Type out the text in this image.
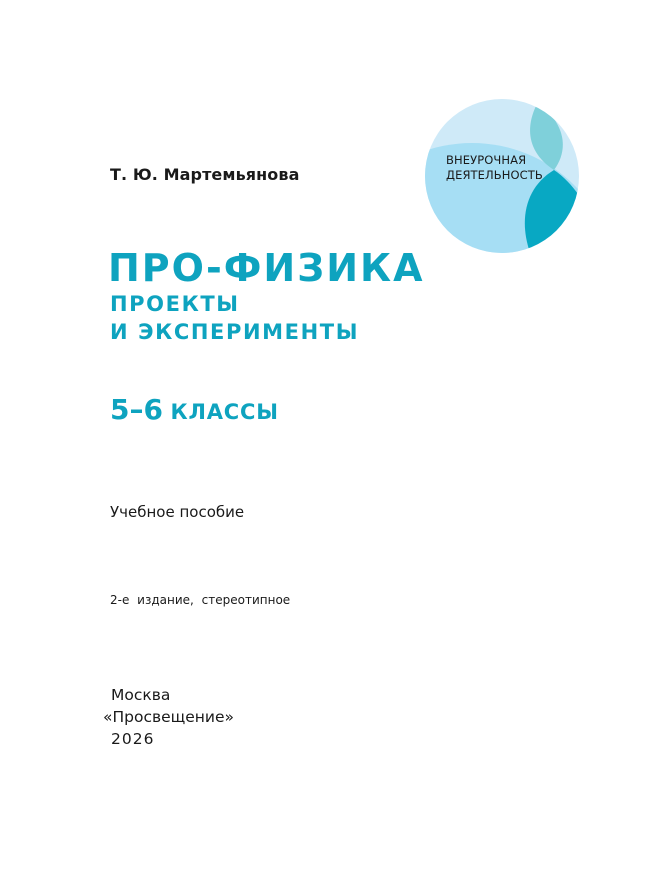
Т. Ю. Мартемьянова
ВНЕУРОЧНАЯ
ДЕЯТЕЛЬНОСТЬ
ПРО-ФИЗИКА
ПРОЕКТЫ
И ЭКСПЕРИМЕНТЫ
5–6 КЛАССЫ
Учебное пособие
2-е издание, стереотипное
Москва
«Просвещение»
2026
